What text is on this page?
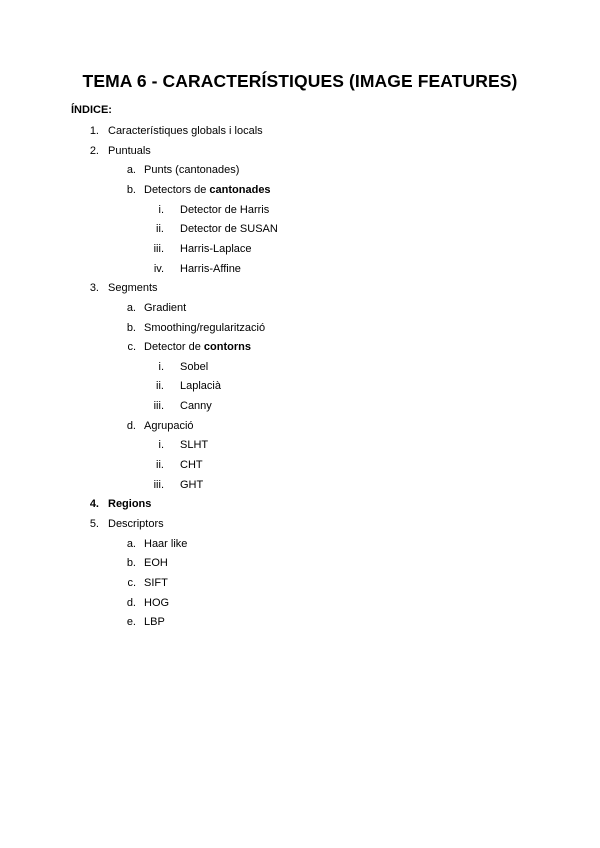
TEMA 6 - CARACTERÍSTIQUES (IMAGE FEATURES)
ÍNDICE:
1. Característiques globals i locals
2. Puntuals
a. Punts (cantonades)
b. Detectors de cantonades
i. Detector de Harris
ii. Detector de SUSAN
iii. Harris-Laplace
iv. Harris-Affine
3. Segments
a. Gradient
b. Smoothing/regularització
c. Detector de contorns
i. Sobel
ii. Laplacià
iii. Canny
d. Agrupació
i. SLHT
ii. CHT
iii. GHT
4. Regions
5. Descriptors
a. Haar like
b. EOH
c. SIFT
d. HOG
e. LBP
